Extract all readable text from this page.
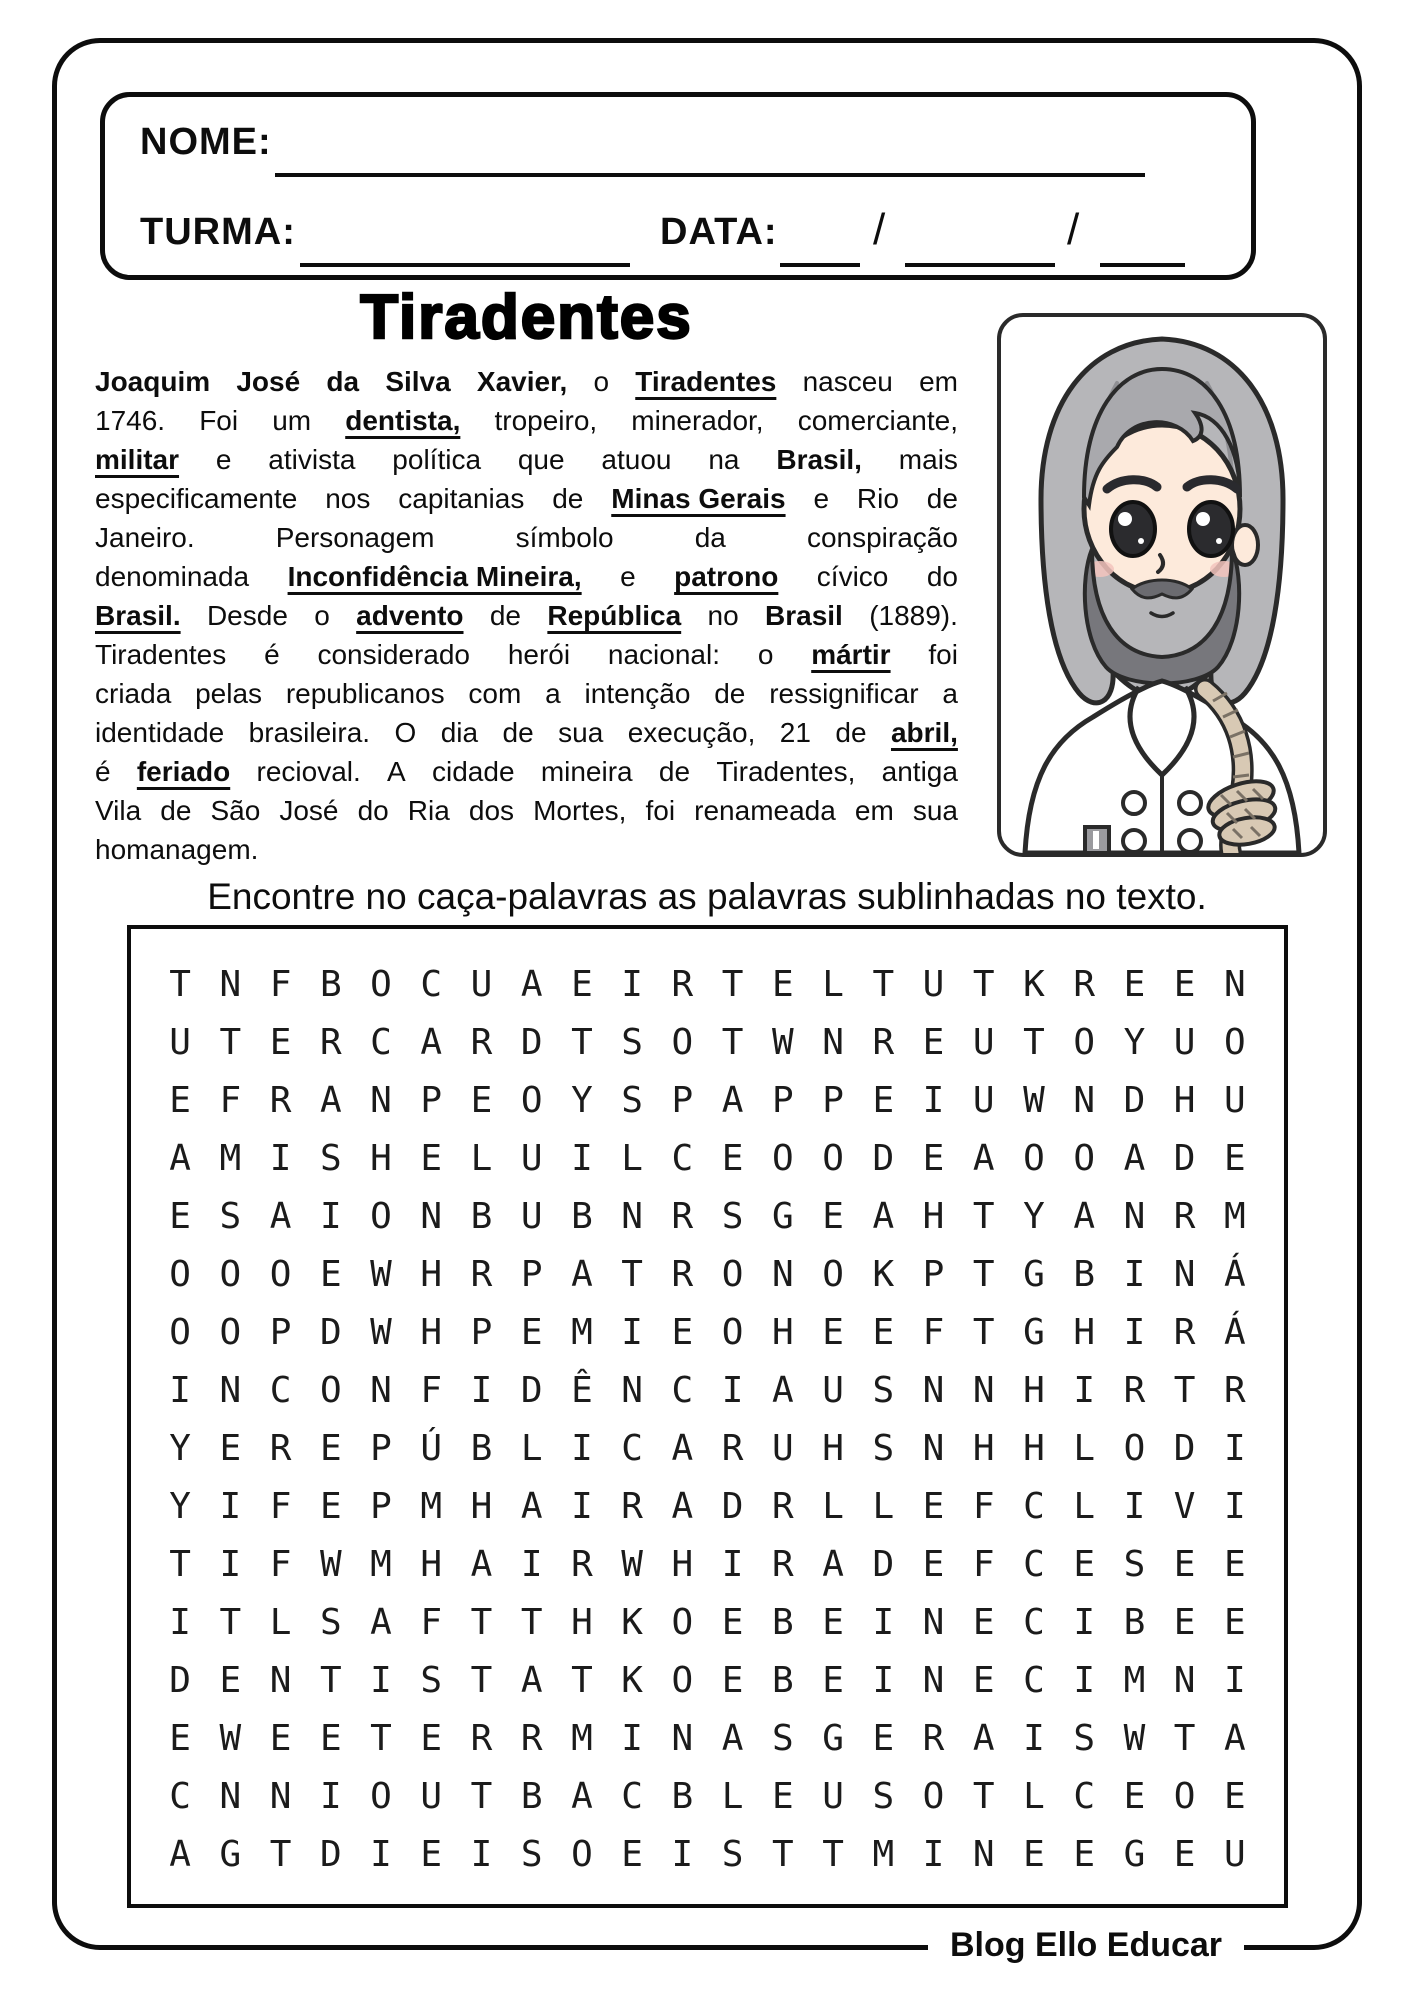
NOME:
TURMA:	DATA: /	/
Tiradentes
Joaquim José da Silva Xavier, o Tiradentes nasceu em
1746. Foi um dentista, tropeiro, minerador, comerciante,
militar e ativista política que atuou na Brasil, mais
especificamente nos capitanias de Minas Gerais e Rio de
Janeiro.	Personagem	símbolo	da	conspiração
denominada Inconfidência Mineira, e patrono cívico do
Brasil. Desde o advento de República no Brasil (1889).
Tiradentes é considerado herói nacional: o mártir foi
criada pelas republicanos com a intenção de ressignificar a
identidade brasileira. O dia de sua execução, 21 de abril,
é feriado recioval. A cidade mineira de Tiradentes, antiga
Vila de São José do Ria dos Mortes, foi renameada em sua
homanagem.
Encontre no caça-palavras as palavras sublinhadas no texto.
T N F B O C U A E I R T E L T U T K R E E N
U T E R C A R D T S O T W N R E U T O Y U O
E F R A N P E O Y S P A P P E I U W N D H U
A M I S H E L U I L C E O O D E A O O A D E
E S A I O N B U B N R S G E A H T Y A N R M
O O O E W H R P A T R O N O K P T G B I N Á
O O P D W H P E M I E O H E E F T G H I R Á
I N C O N F I D Ê N C I A U S N N H I R T R
Y E R E P Ú B L I C A R U H S N H H L O D I
Y I F E P M H A I R A D R L L E F C L I V I
T I F W M H A I R W H I R A D E F C E S E E
I T L S A F T T H K O E B E I N E C I B E E
D E N T I S T A T K O E B E I N E C I M N I
E W E E T E R R M I N A S G E R A I S W T A
C N N I O U T B A C B L E U S O T L C E O E
A G T D I E I S O E I S T T M I N E E G E U
Blog Ello Educar
